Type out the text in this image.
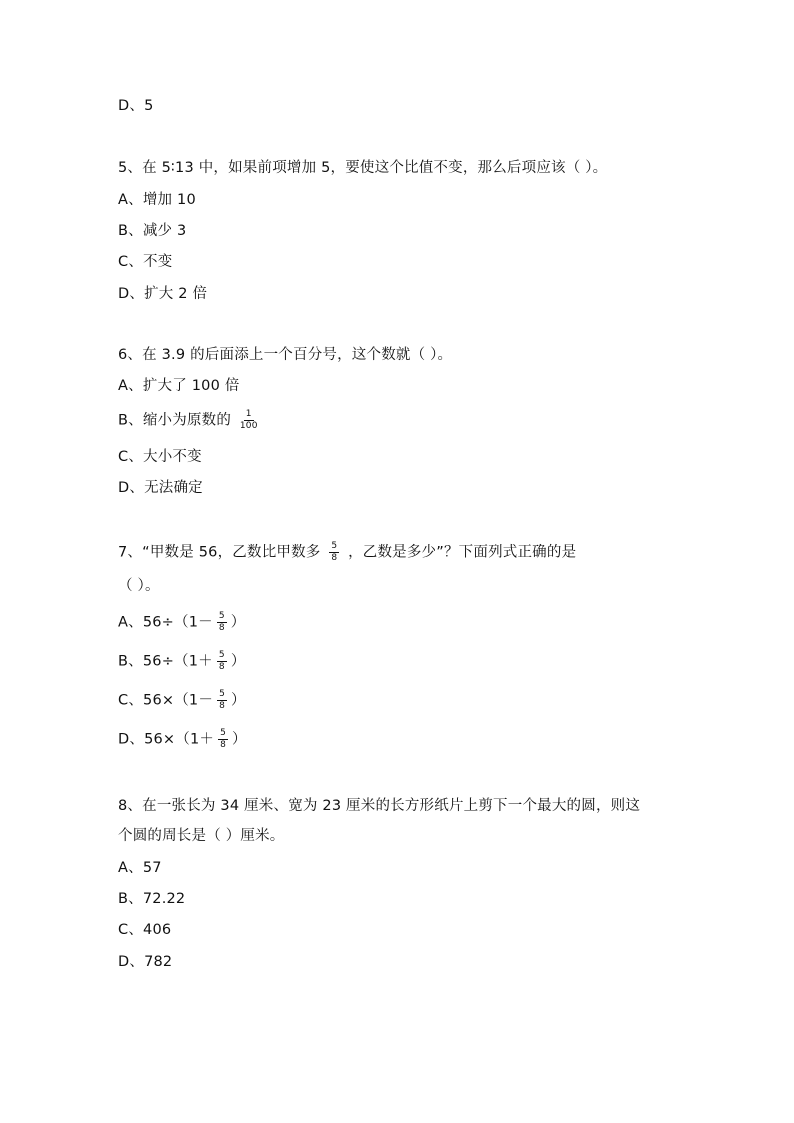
D、5
5、在 5∶13 中，如果前项增加 5，要使这个比值不变，那么后项应该（ ）。
A、增加 10
B、减少 3
C、不变
D、扩大 2 倍
6、在 3.9 的后面添上一个百分号，这个数就（ ）。
A、扩大了 100 倍
B、缩小为原数的 $\frac{1}{100}$
C、大小不变
D、无法确定
7、“甲数是 56，乙数比甲数多 $\frac{5}{8}$ ，乙数是多少”？下面列式正确的是
（ ）。
A、$56\div(1- \frac{5}{8}$ ）
B、$56\div(1+ \frac{5}{8}$ ）
C、$56\times(1- \frac{5}{8}$ ）
D、$56\times(1+ \frac{5}{8}$ ）
8、在一张长为 34 厘米、宽为 23 厘米的长方形纸片上剪下一个最大的圆，则这
个圆的周长是（ ）厘米。
A、57
B、72.22
C、406
D、782
